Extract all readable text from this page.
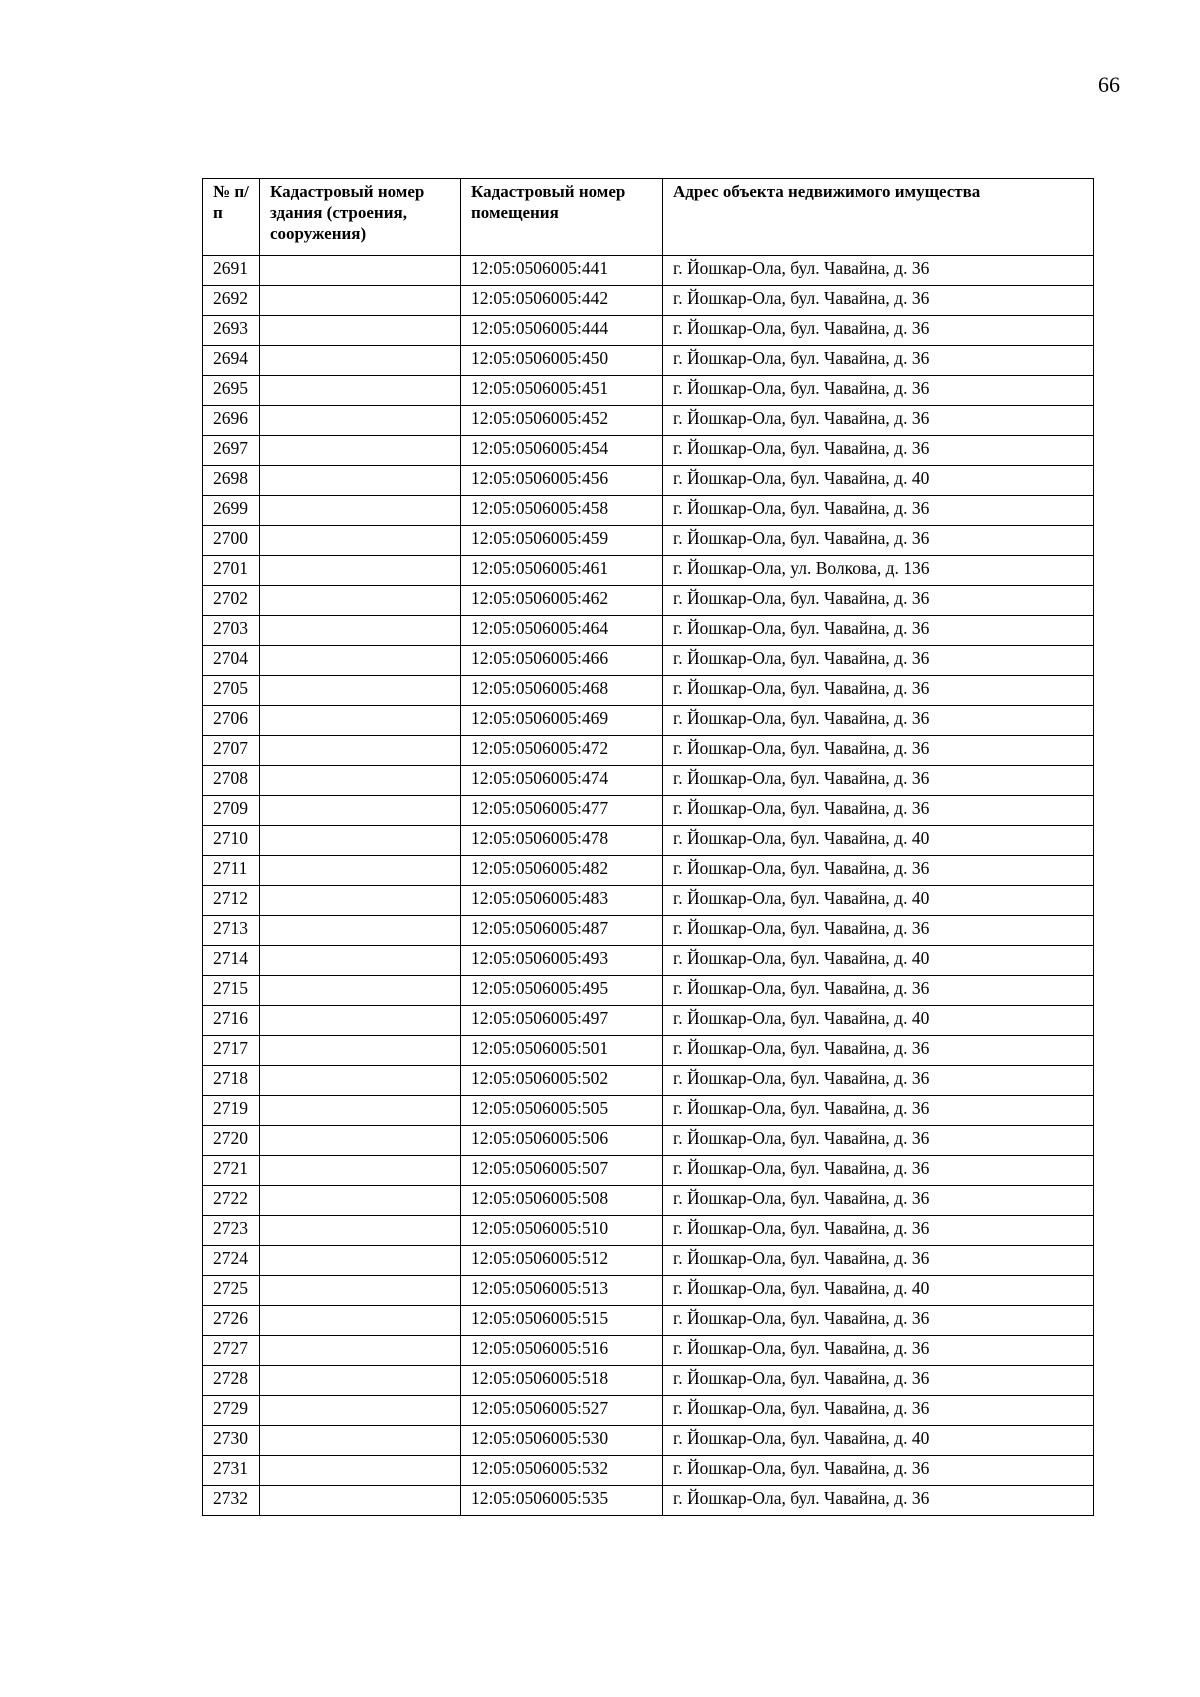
66
№ п/п	Кадастровый номер здания (строения, сооружения)	Кадастровый номер помещения	Адрес объекта недвижимого имущества
2691		12:05:0506005:441	г. Йошкар-Ола, бул. Чавайна, д. 36
2692		12:05:0506005:442	г. Йошкар-Ола, бул. Чавайна, д. 36
2693		12:05:0506005:444	г. Йошкар-Ола, бул. Чавайна, д. 36
2694		12:05:0506005:450	г. Йошкар-Ола, бул. Чавайна, д. 36
2695		12:05:0506005:451	г. Йошкар-Ола, бул. Чавайна, д. 36
2696		12:05:0506005:452	г. Йошкар-Ола, бул. Чавайна, д. 36
2697		12:05:0506005:454	г. Йошкар-Ола, бул. Чавайна, д. 36
2698		12:05:0506005:456	г. Йошкар-Ола, бул. Чавайна, д. 40
2699		12:05:0506005:458	г. Йошкар-Ола, бул. Чавайна, д. 36
2700		12:05:0506005:459	г. Йошкар-Ола, бул. Чавайна, д. 36
2701		12:05:0506005:461	г. Йошкар-Ола, ул. Волкова, д. 136
2702		12:05:0506005:462	г. Йошкар-Ола, бул. Чавайна, д. 36
2703		12:05:0506005:464	г. Йошкар-Ола, бул. Чавайна, д. 36
2704		12:05:0506005:466	г. Йошкар-Ола, бул. Чавайна, д. 36
2705		12:05:0506005:468	г. Йошкар-Ола, бул. Чавайна, д. 36
2706		12:05:0506005:469	г. Йошкар-Ола, бул. Чавайна, д. 36
2707		12:05:0506005:472	г. Йошкар-Ола, бул. Чавайна, д. 36
2708		12:05:0506005:474	г. Йошкар-Ола, бул. Чавайна, д. 36
2709		12:05:0506005:477	г. Йошкар-Ола, бул. Чавайна, д. 36
2710		12:05:0506005:478	г. Йошкар-Ола, бул. Чавайна, д. 40
2711		12:05:0506005:482	г. Йошкар-Ола, бул. Чавайна, д. 36
2712		12:05:0506005:483	г. Йошкар-Ола, бул. Чавайна, д. 40
2713		12:05:0506005:487	г. Йошкар-Ола, бул. Чавайна, д. 36
2714		12:05:0506005:493	г. Йошкар-Ола, бул. Чавайна, д. 40
2715		12:05:0506005:495	г. Йошкар-Ола, бул. Чавайна, д. 36
2716		12:05:0506005:497	г. Йошкар-Ола, бул. Чавайна, д. 40
2717		12:05:0506005:501	г. Йошкар-Ола, бул. Чавайна, д. 36
2718		12:05:0506005:502	г. Йошкар-Ола, бул. Чавайна, д. 36
2719		12:05:0506005:505	г. Йошкар-Ола, бул. Чавайна, д. 36
2720		12:05:0506005:506	г. Йошкар-Ола, бул. Чавайна, д. 36
2721		12:05:0506005:507	г. Йошкар-Ола, бул. Чавайна, д. 36
2722		12:05:0506005:508	г. Йошкар-Ола, бул. Чавайна, д. 36
2723		12:05:0506005:510	г. Йошкар-Ола, бул. Чавайна, д. 36
2724		12:05:0506005:512	г. Йошкар-Ола, бул. Чавайна, д. 36
2725		12:05:0506005:513	г. Йошкар-Ола, бул. Чавайна, д. 40
2726		12:05:0506005:515	г. Йошкар-Ола, бул. Чавайна, д. 36
2727		12:05:0506005:516	г. Йошкар-Ола, бул. Чавайна, д. 36
2728		12:05:0506005:518	г. Йошкар-Ола, бул. Чавайна, д. 36
2729		12:05:0506005:527	г. Йошкар-Ола, бул. Чавайна, д. 36
2730		12:05:0506005:530	г. Йошкар-Ола, бул. Чавайна, д. 40
2731		12:05:0506005:532	г. Йошкар-Ола, бул. Чавайна, д. 36
2732		12:05:0506005:535	г. Йошкар-Ола, бул. Чавайна, д. 36
